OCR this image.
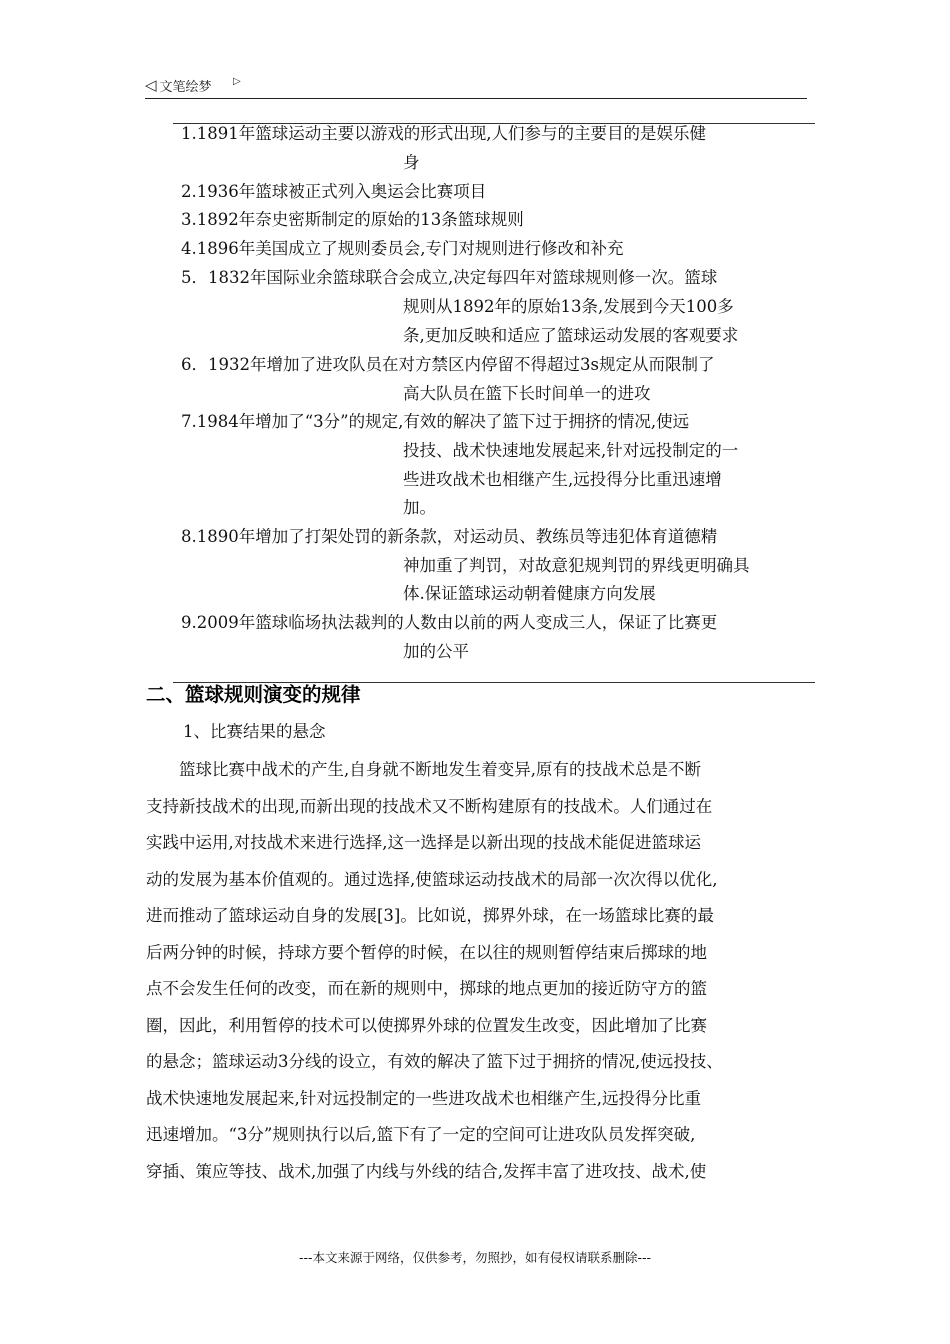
◁ 文笔绘梦 ▷
1.1891年篮球运动主要以游戏的形式出现,人们参与的主要目的是娱乐健
身
2.1936年篮球被正式列入奥运会比赛项目
3.1892年奈史密斯制定的原始的13条篮球规则
4.1896年美国成立了规则委员会,专门对规则进行修改和补充
5．1832年国际业余篮球联合会成立,决定每四年对篮球规则修一次。篮球
规则从1892年的原始13条,发展到今天100多
条,更加反映和适应了篮球运动发展的客观要求
6．1932年增加了进攻队员在对方禁区内停留不得超过3s规定从而限制了
高大队员在篮下长时间单一的进攻
7.1984年增加了“3分”的规定,有效的解决了篮下过于拥挤的情况,使远
投技、战术快速地发展起来,针对远投制定的一
些进攻战术也相继产生,远投得分比重迅速增
加。
8.1890年增加了打架处罚的新条款，对运动员、教练员等违犯体育道德精
神加重了判罚，对故意犯规判罚的界线更明确具
体.保证篮球运动朝着健康方向发展
9.2009年篮球临场执法裁判的人数由以前的两人变成三人，保证了比赛更
加的公平
二、篮球规则演变的规律
1、比赛结果的悬念
　　篮球比赛中战术的产生,自身就不断地发生着变异,原有的技战术总是不断
支持新技战术的出现,而新出现的技战术又不断构建原有的技战术。人们通过在
实践中运用,对技战术来进行选择,这一选择是以新出现的技战术能促进篮球运
动的发展为基本价值观的。通过选择,使篮球运动技战术的局部一次次得以优化,
进而推动了篮球运动自身的发展[3]。比如说，掷界外球，在一场篮球比赛的最
后两分钟的时候，持球方要个暂停的时候，在以往的规则暂停结束后掷球的地
点不会发生任何的改变，而在新的规则中，掷球的地点更加的接近防守方的篮
圈，因此，利用暂停的技术可以使掷界外球的位置发生改变，因此增加了比赛
的悬念；篮球运动3分线的设立，有效的解决了篮下过于拥挤的情况,使远投技、
战术快速地发展起来,针对远投制定的一些进攻战术也相继产生,远投得分比重
迅速增加。“3分”规则执行以后,篮下有了一定的空间可让进攻队员发挥突破,
穿插、策应等技、战术,加强了内线与外线的结合,发挥丰富了进攻技、战术,使
---本文来源于网络，仅供参考，勿照抄，如有侵权请联系删除---
